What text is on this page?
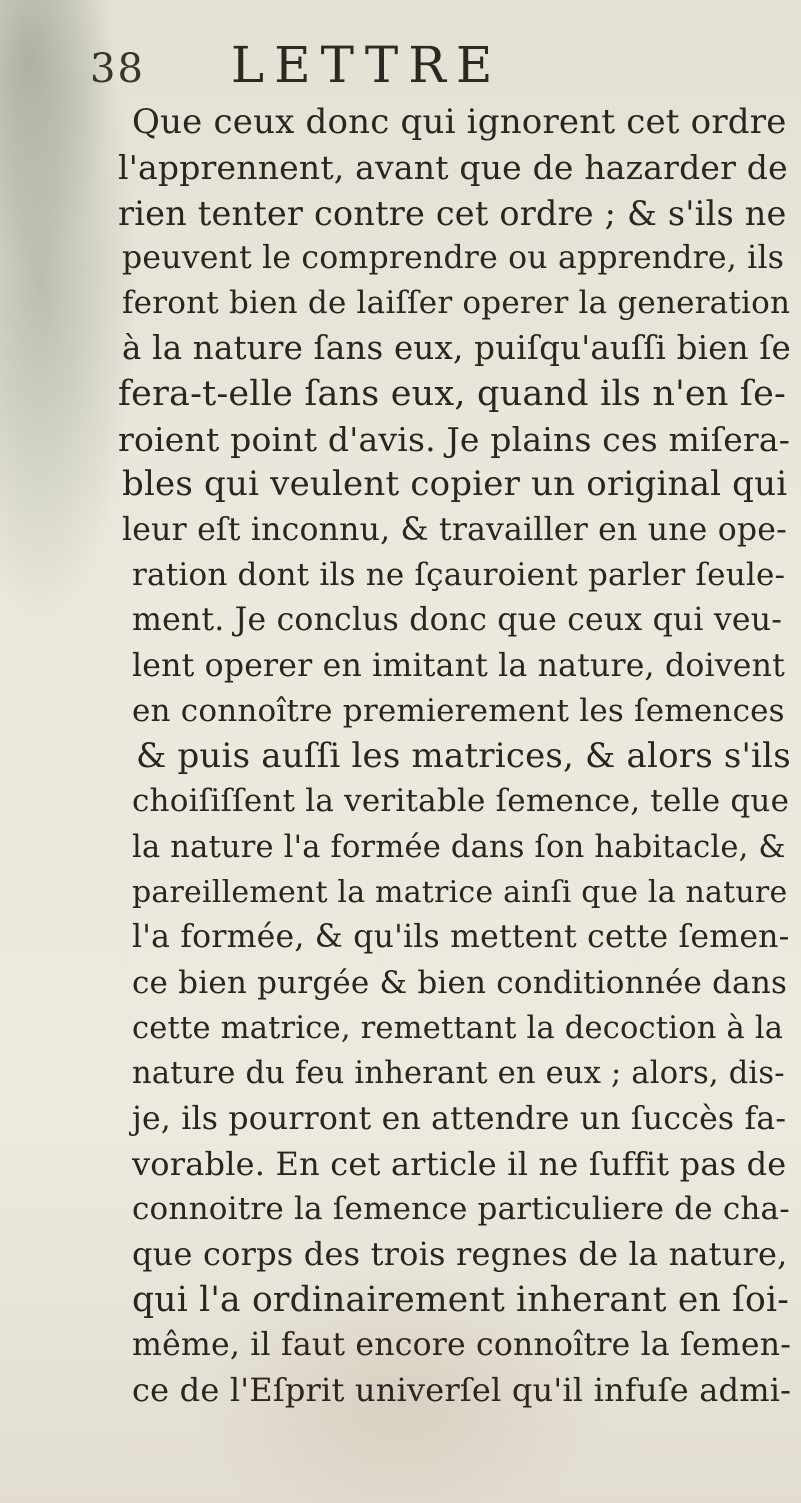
38 LETTRE
Que ceux donc qui ignorent cet ordre
l'apprennent, avant que de hazarder de
rien tenter contre cet ordre ; & s'ils ne
peuvent le comprendre ou apprendre, ils
feront bien de laiſſer operer la generation
à la nature ſans eux, puiſqu'auſſi bien ſe
fera-t-elle ſans eux, quand ils n'en ſe-
roient point d'avis. Je plains ces miſera-
bles qui veulent copier un original qui
leur eſt inconnu, & travailler en une ope-
ration dont ils ne ſçauroient parler ſeule-
ment. Je conclus donc que ceux qui veu-
lent operer en imitant la nature, doivent
en connoître premierement les ſemences
& puis auſſi les matrices, & alors s'ils
choiſiſſent la veritable ſemence, telle que
la nature l'a formée dans ſon habitacle, &
pareillement la matrice ainſi que la nature
l'a formée, & qu'ils mettent cette ſemen-
ce bien purgée & bien conditionnée dans
cette matrice, remettant la decoction à la
nature du feu inherant en eux ; alors, dis-
je, ils pourront en attendre un ſuccès fa-
vorable. En cet article il ne ſuffit pas de
connoitre la ſemence particuliere de cha-
que corps des trois regnes de la nature,
qui l'a ordinairement inherant en ſoi-
même, il faut encore connoître la ſemen-
ce de l'Eſprit univerſel qu'il infuſe admi-
